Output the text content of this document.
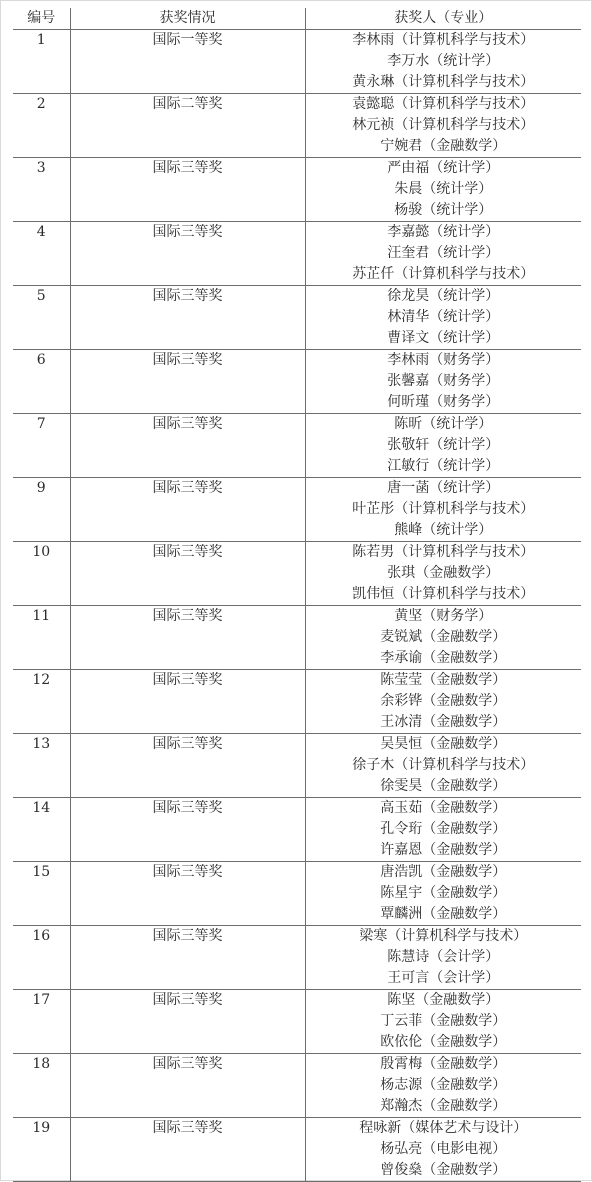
编号	获奖情况	获奖人（专业）
1	国际一等奖	李林雨（计算机科学与技术）
李万水（统计学）
黄永琳（计算机科学与技术）

2	国际二等奖	袁懿聪（计算机科学与技术）
林元祯（计算机科学与技术）
宁婉君（金融数学）

3	国际三等奖	严由福（统计学）
朱晨（统计学）
杨骏（统计学）

4	国际三等奖	李嘉懿（统计学）
汪奎君（统计学）
苏芷仟（计算机科学与技术）

5	国际三等奖	徐龙昊（统计学）
林清华（统计学）
曹译文（统计学）

6	国际三等奖	李林雨（财务学）
张馨嘉（财务学）
何昕瑾（财务学）

7	国际三等奖	陈昕（统计学）
张敬轩（统计学）
江敏行（统计学）

9	国际三等奖	唐一菡（统计学）
叶芷彤（计算机科学与技术）
熊峰（统计学）

10	国际三等奖	陈若男（计算机科学与技术）
张琪（金融数学）
凯伟恒（计算机科学与技术）

11	国际三等奖	黄坚（财务学）
麦锐斌（金融数学）
李承谕（金融数学）

12	国际三等奖	陈莹莹（金融数学）
余彩铧（金融数学）
王冰清（金融数学）

13	国际三等奖	吴昊恒（金融数学）
徐子木（计算机科学与技术）
徐雯昊（金融数学）

14	国际三等奖	高玉茹（金融数学）
孔令珩（金融数学）
许嘉恩（金融数学）

15	国际三等奖	唐浩凯（金融数学）
陈星宇（金融数学）
覃麟洲（金融数学）

16	国际三等奖	梁寒（计算机科学与技术）
陈慧诗（会计学）
王可言（会计学）

17	国际三等奖	陈坚（金融数学）
丁云菲（金融数学）
欧依伦（金融数学）

18	国际三等奖	殷霄梅（金融数学）
杨志源（金融数学）
郑瀚杰（金融数学）

19	国际三等奖	程咏新（媒体艺术与设计）
杨弘亮（电影电视）
曾俊燊（金融数学）
